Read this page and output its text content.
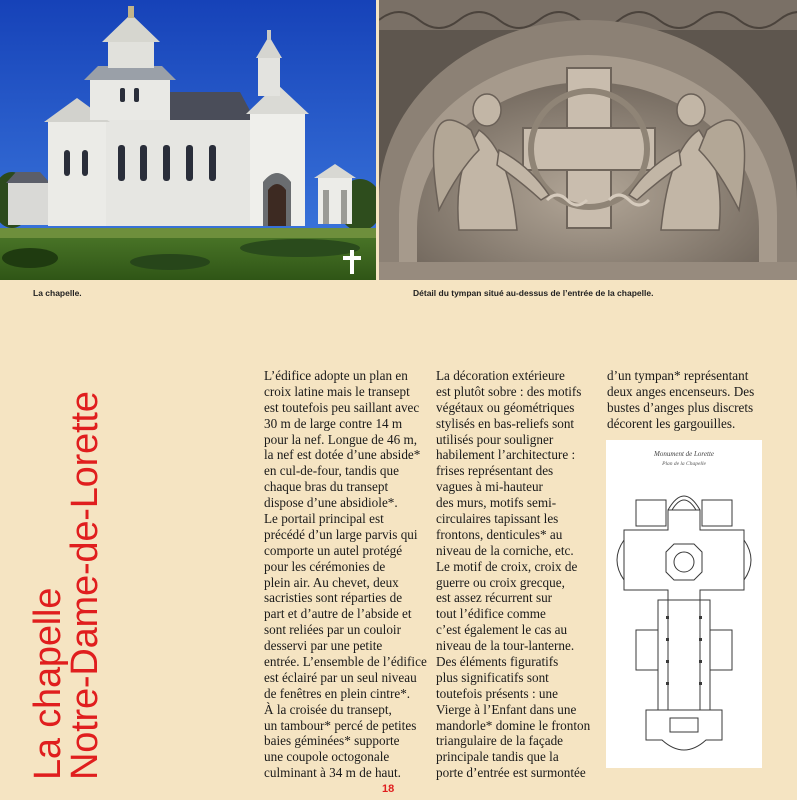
La chapelle.	Détail du tympan situé au-dessus de l’entrée de la chapelle.
La chapelle
Notre-Dame-de-Lorette
L’édifice adopte un plan en
croix latine mais le transept
est toutefois peu saillant avec
30 m de large contre 14 m
pour la nef. Longue de 46 m,
la nef est dotée d’une abside*
en cul-de-four, tandis que
chaque bras du transept
dispose d’une absidiole*.
Le portail principal est
précédé d’un large parvis qui
comporte un autel protégé
pour les cérémonies de
plein air. Au chevet, deux
sacristies sont réparties de
part et d’autre de l’abside et
sont reliées par un couloir
desservi par une petite
entrée. L’ensemble de l’édifice
est éclairé par un seul niveau
de fenêtres en plein cintre*.
À la croisée du transept,
un tambour* percé de petites
baies géminées* supporte
une coupole octogonale
culminant à 34 m de haut.
La décoration extérieure
est plutôt sobre : des motifs
végétaux ou géométriques
stylisés en bas-reliefs sont
utilisés pour souligner
habilement l’architecture :
frises représentant des
vagues à mi-hauteur
des murs, motifs semi-
circulaires tapissant les
frontons, denticules* au
niveau de la corniche, etc.
Le motif de croix, croix de
guerre ou croix grecque,
est assez récurrent sur
tout l’édifice comme
c’est également le cas au
niveau de la tour-lanterne.
Des éléments figuratifs
plus significatifs sont
toutefois présents : une
Vierge à l’Enfant dans une
mandorle* domine le fronton
triangulaire de la façade
principale tandis que la
porte d’entrée est surmontée
d’un tympan* représentant
deux anges encenseurs. Des
bustes d’anges plus discrets
décorent les gargouilles.
Monument de Lorette
Plan de la Chapelle
18
